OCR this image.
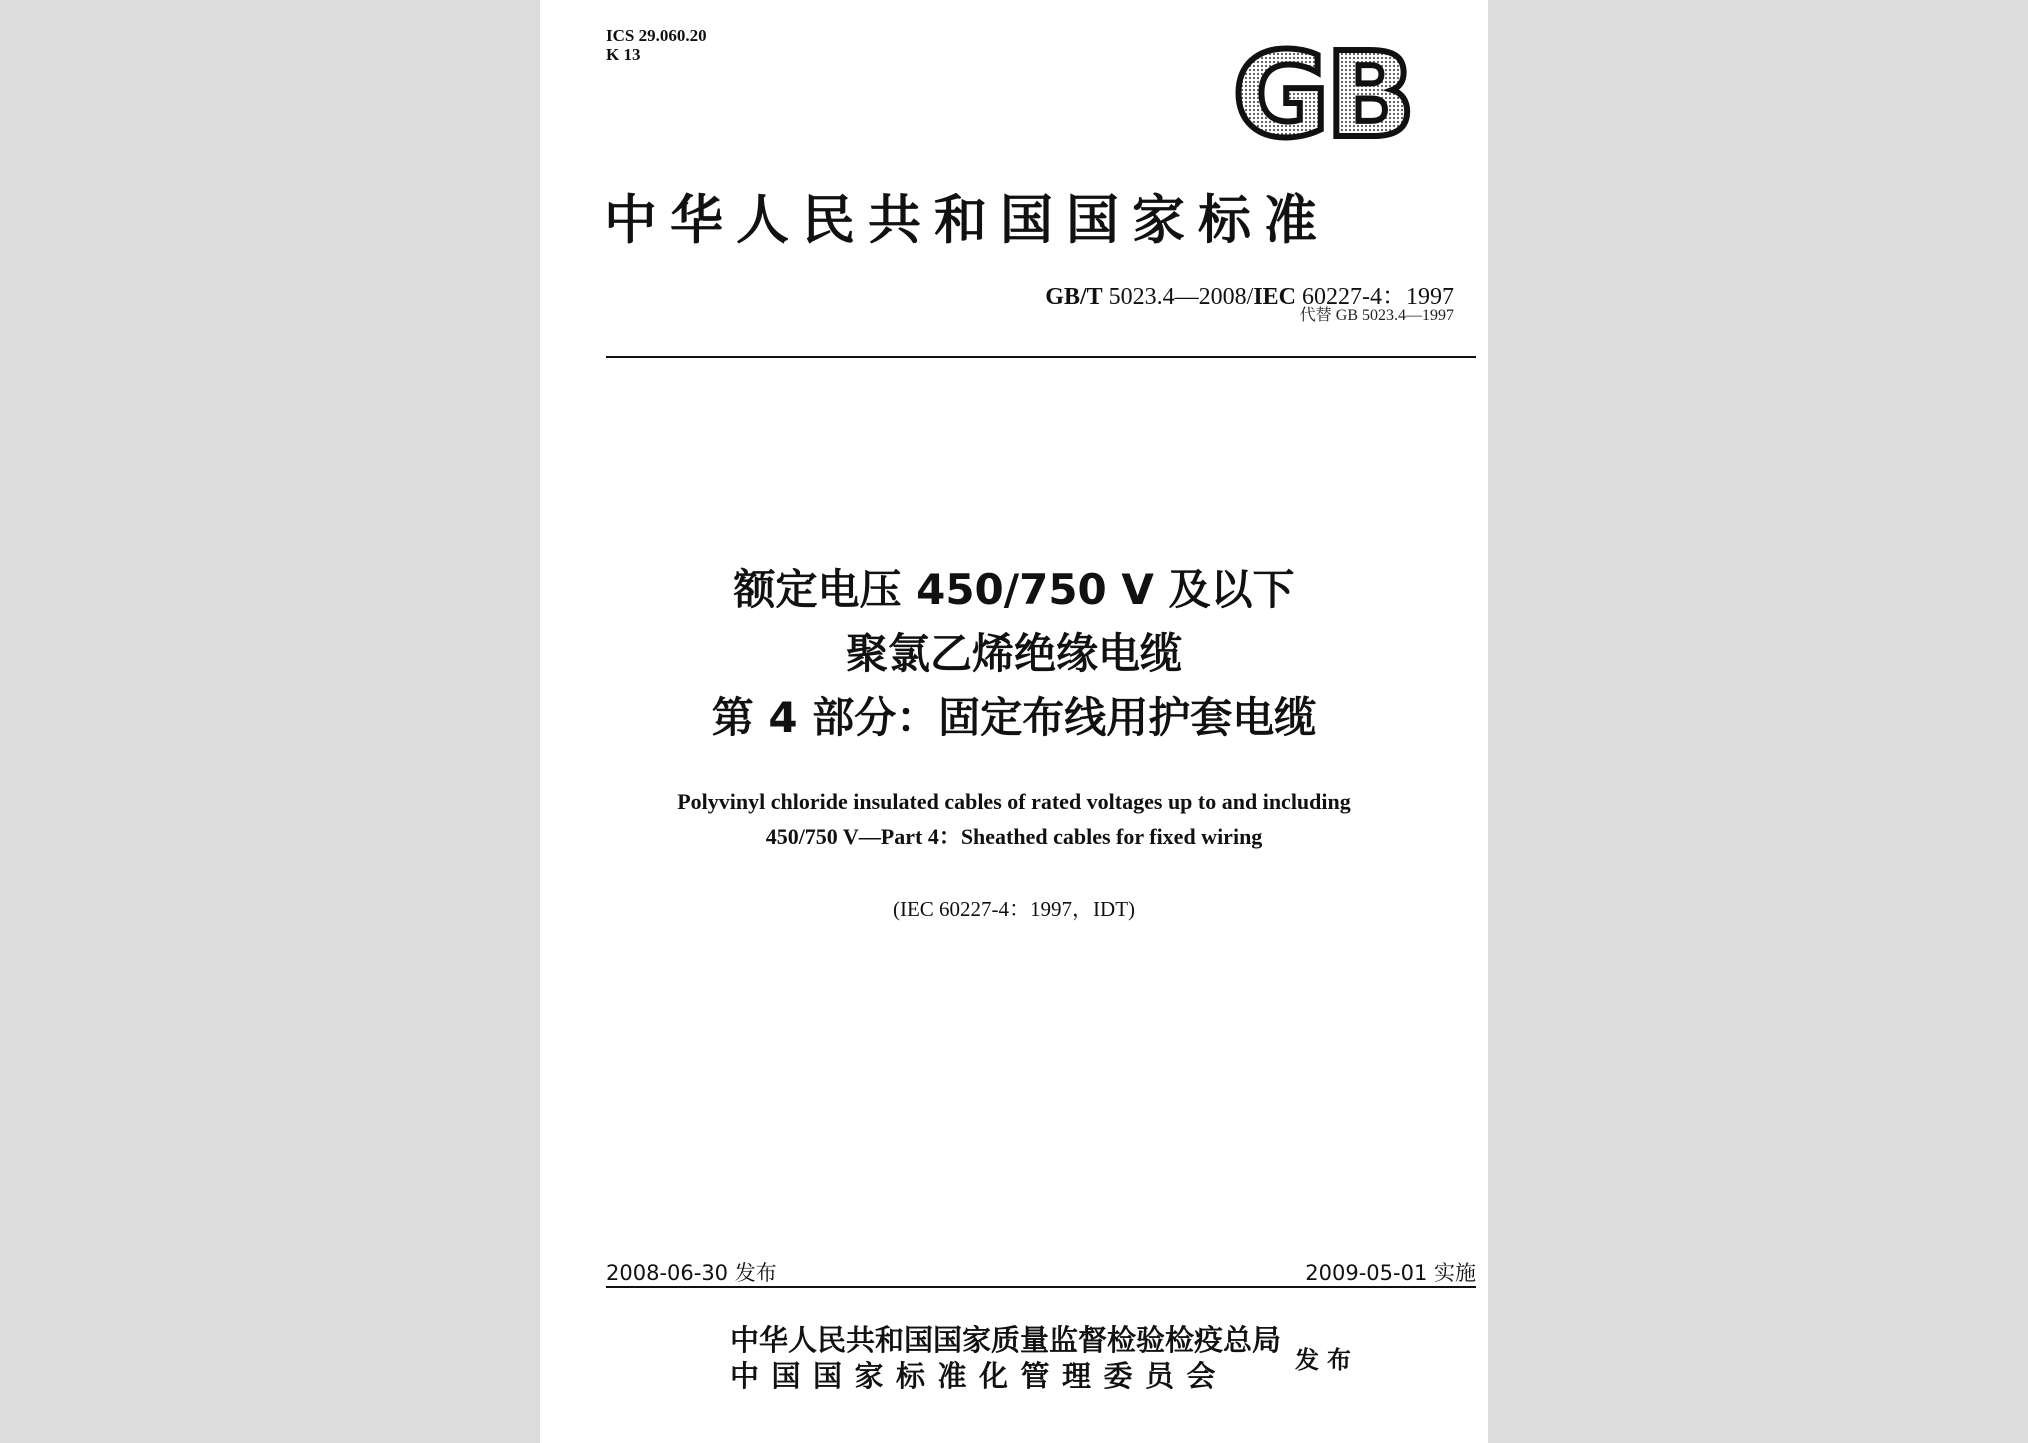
ICS 29.060.20
K 13	GB
中华人民共和国国家标准
GB/T 5023.4—2008/IEC 60227-4：1997
代替 GB 5023.4—1997
额定电压 450/750 V 及以下
聚氯乙烯绝缘电缆
第 4 部分：固定布线用护套电缆
Polyvinyl chloride insulated cables of rated voltages up to and including
450/750 V—Part 4：Sheathed cables for fixed wiring
(IEC 60227-4：1997，IDT)
2008-06-30 发布	2009-05-01 实施
中华人民共和国国家质量监督检验检疫总局
中国国家标准化管理委员会	发布
